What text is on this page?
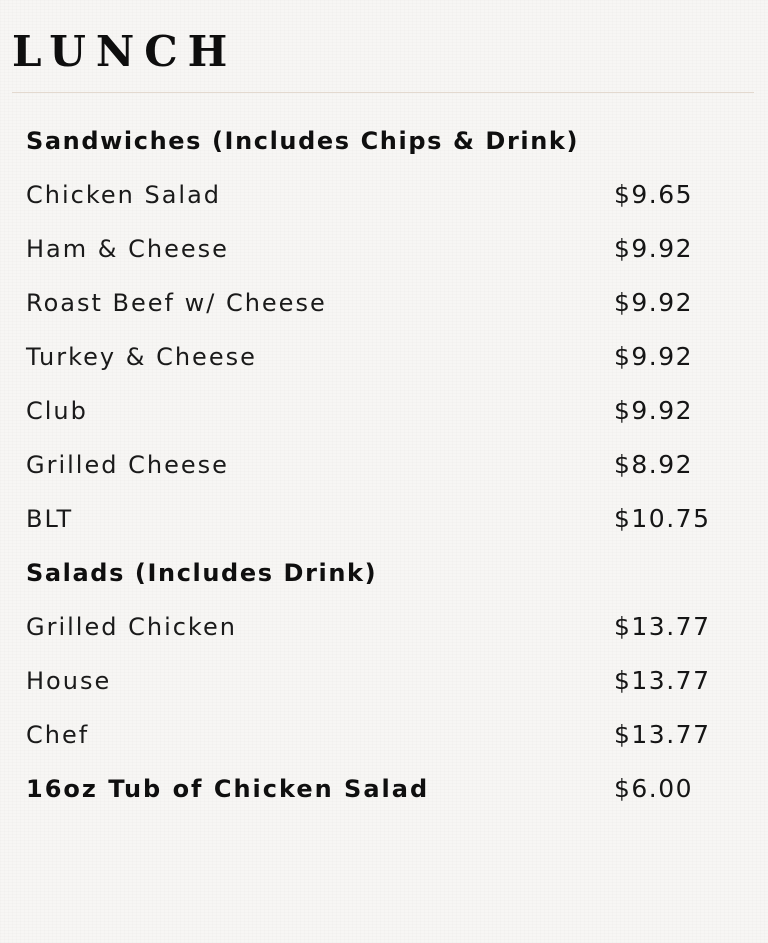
LUNCH
Sandwiches (Includes Chips & Drink)
Chicken Salad	$9.65
Ham & Cheese	$9.92
Roast Beef w/ Cheese	$9.92
Turkey & Cheese	$9.92
Club	$9.92
Grilled Cheese	$8.92
BLT	$10.75
Salads (Includes Drink)
Grilled Chicken	$13.77
House	$13.77
Chef	$13.77
16oz Tub of Chicken Salad	$6.00
